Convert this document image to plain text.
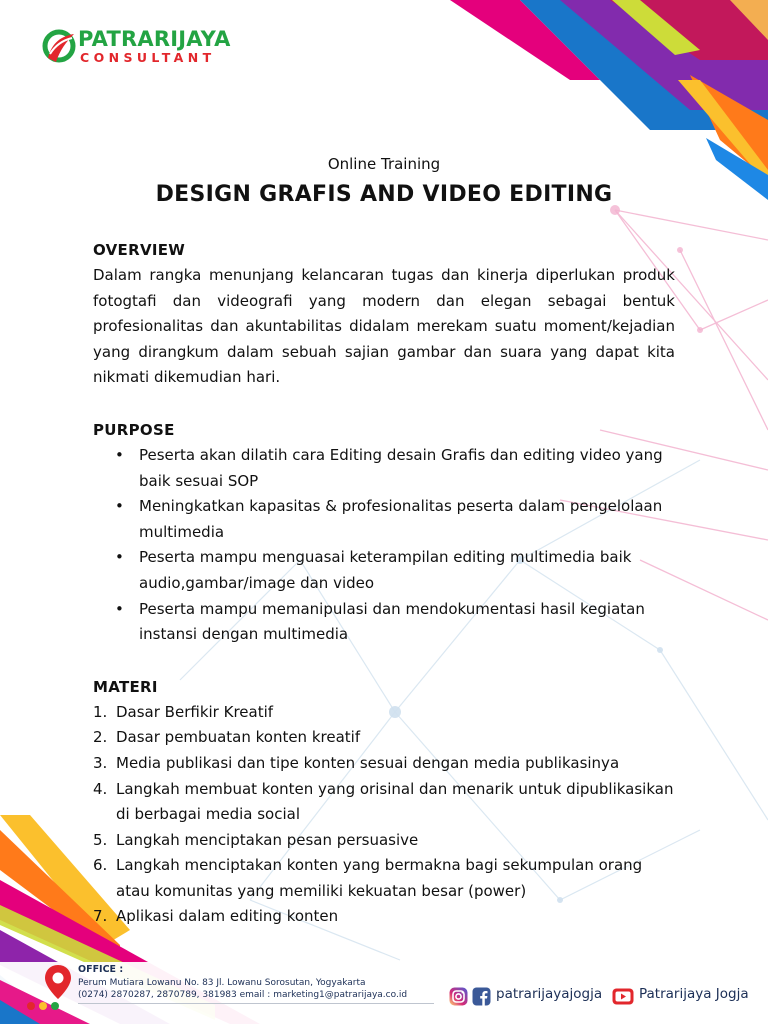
PATRARIJAYA
CONSULTANT
Online Training
DESIGN GRAFIS AND VIDEO EDITING
OVERVIEW

Dalam rangka menunjang kelancaran tugas dan kinerja diperlukan produk fotogtafi dan videografi yang modern dan elegan sebagai bentuk profesionalitas dan akuntabilitas didalam merekam suatu moment/kejadian yang dirangkum dalam sebuah sajian gambar dan suara yang dapat kita nikmati dikemudian hari.

PURPOSE
• Peserta akan dilatih cara Editing desain Grafis dan editing video yang baik sesuai SOP
• Meningkatkan kapasitas & profesionalitas peserta dalam pengelolaan multimedia
• Peserta mampu menguasai keterampilan editing multimedia baik audio,gambar/image dan video
• Peserta mampu memanipulasi dan mendokumentasi hasil kegiatan instansi dengan multimedia
MATERI
1. Dasar Berfikir Kreatif
2. Dasar pembuatan konten kreatif
3. Media publikasi dan tipe konten sesuai dengan media publikasinya
4. Langkah membuat konten yang orisinal dan menarik untuk dipublikasikan di berbagai media social
5. Langkah menciptakan pesan persuasive
6. Langkah menciptakan konten yang bermakna bagi sekumpulan orang atau komunitas yang memiliki kekuatan besar (power)
7. Aplikasi dalam editing konten
OFFICE :
Perum Mutiara Lowanu No. 83 Jl. Lowanu Sorosutan, Yogyakarta
(0274) 2870287, 2870789, 381983 email : marketing1@patrarijaya.co.id	patrarijayajogja	Patrarijaya Jogja
